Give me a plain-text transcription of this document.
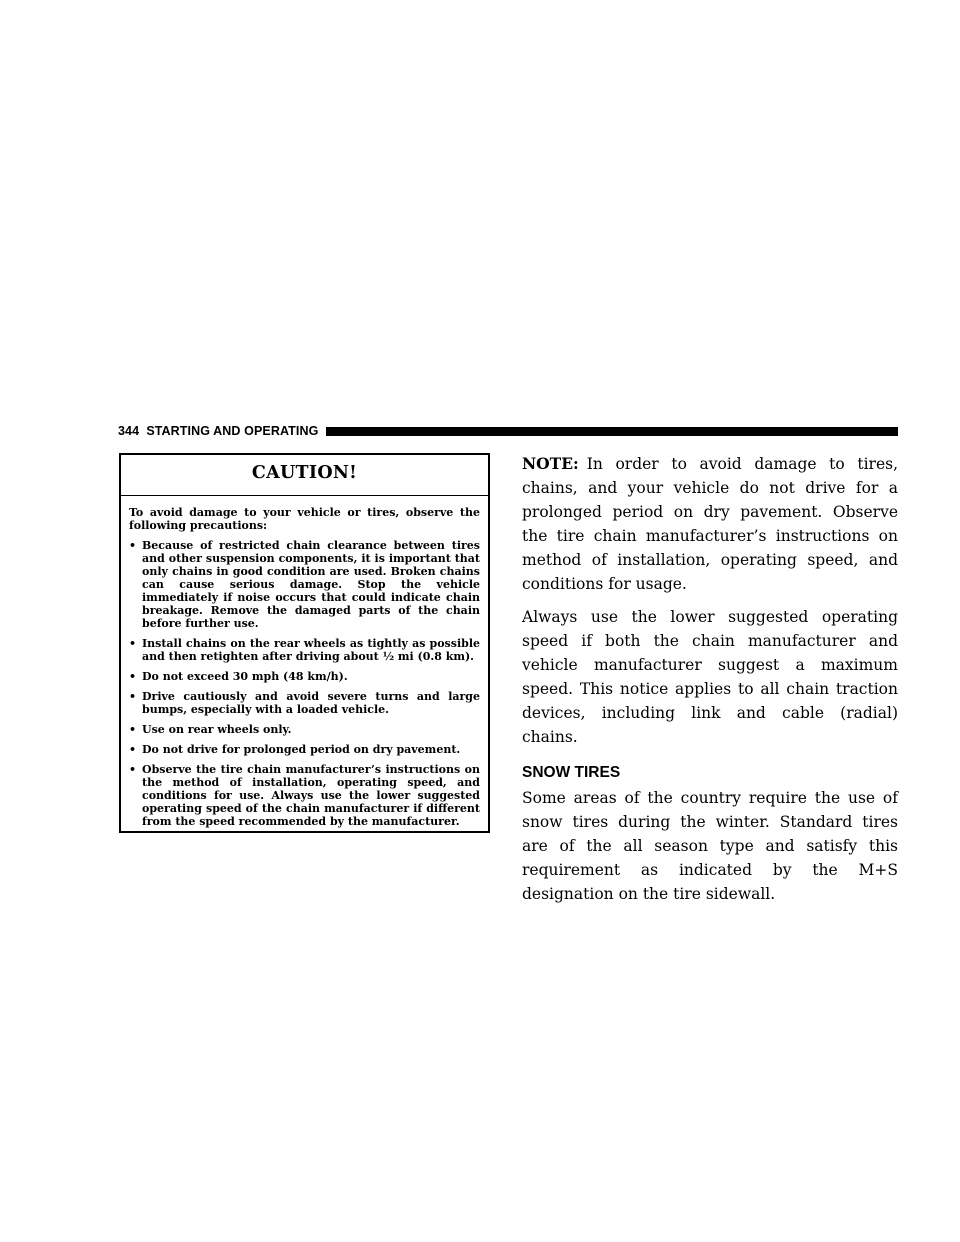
344 STARTING AND OPERATING
CAUTION!
To avoid damage to your vehicle or tires, observe the following precautions:
• Because of restricted chain clearance between tires and other suspension components, it is important that only chains in good condition are used. Broken chains can cause serious damage. Stop the vehicle immediately if noise occurs that could indicate chain breakage. Remove the damaged parts of the chain before further use.
• Install chains on the rear wheels as tightly as possible and then retighten after driving about ½ mi (0.8 km).
• Do not exceed 30 mph (48 km/h).
• Drive cautiously and avoid severe turns and large bumps, especially with a loaded vehicle.
• Use on rear wheels only.
• Do not drive for prolonged period on dry pavement.
• Observe the tire chain manufacturer’s instructions on the method of installation, operating speed, and conditions for use. Always use the lower suggested operating speed of the chain manufacturer if different from the speed recommended by the manufacturer.

NOTE: In order to avoid damage to tires, chains, and your vehicle do not drive for a prolonged period on dry pavement. Observe the tire chain manufacturer’s instructions on method of installation, operating speed, and conditions for usage.

Always use the lower suggested operating speed if both the chain manufacturer and vehicle manufacturer suggest a maximum speed. This notice applies to all chain traction devices, including link and cable (radial) chains.

SNOW TIRES

Some areas of the country require the use of snow tires during the winter. Standard tires are of the all season type and satisfy this requirement as indicated by the M+S designation on the tire sidewall.
